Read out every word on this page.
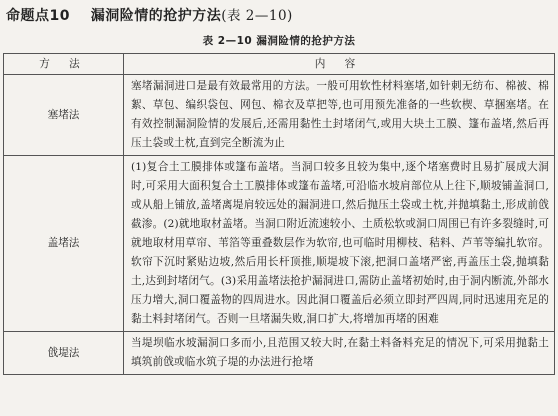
命题点10 漏洞险情的抢护方法(表 2—10)
表 2—10 漏洞险情的抢护方法
方 法	内 容
塞堵法	塞堵漏洞进口是最有效最常用的方法。一般可用软性材料塞堵,如针刺无纺布、棉被、棉絮、草包、编织袋包、网包、棉衣及草把等,也可用预先准备的一些软楔、草捆塞堵。在有效控制漏洞险情的发展后,还需用黏性土封堵闭气,或用大块土工膜、篷布盖堵,然后再压土袋或土枕,直到完全断流为止
盖堵法	(1)复合土工膜排体或篷布盖堵。当洞口较多且较为集中,逐个堵塞费时且易扩展成大洞时,可采用大面积复合土工膜排体或篷布盖堵,可沿临水坡肩部位从上往下,顺坡铺盖洞口,或从船上铺放,盖堵离堤肩较远处的漏洞进口,然后抛压土袋或土枕,并抛填黏土,形成前戗截渗。(2)就地取材盖堵。当洞口附近流速较小、土质松软或洞口周围已有许多裂缝时,可就地取材用草帘、苇箔等重叠数层作为软帘,也可临时用柳枝、秸料、芦苇等编扎软帘。软帘下沉时紧贴边坡,然后用长杆顶推,顺堤坡下滚,把洞口盖堵严密,再盖压土袋,抛填黏土,达到封堵闭气。(3)采用盖堵法抢护漏洞进口,需防止盖堵初始时,由于洞内断流,外部水压力增大,洞口覆盖物的四周进水。因此洞口覆盖后必须立即封严四周,同时迅速用充足的黏土料封堵闭气。否则一旦堵漏失败,洞口扩大,将增加再堵的困难
戗堤法	当堤坝临水坡漏洞口多而小,且范围又较大时,在黏土料备料充足的情况下,可采用抛黏土填筑前戗或临水筑子堤的办法进行抢堵
